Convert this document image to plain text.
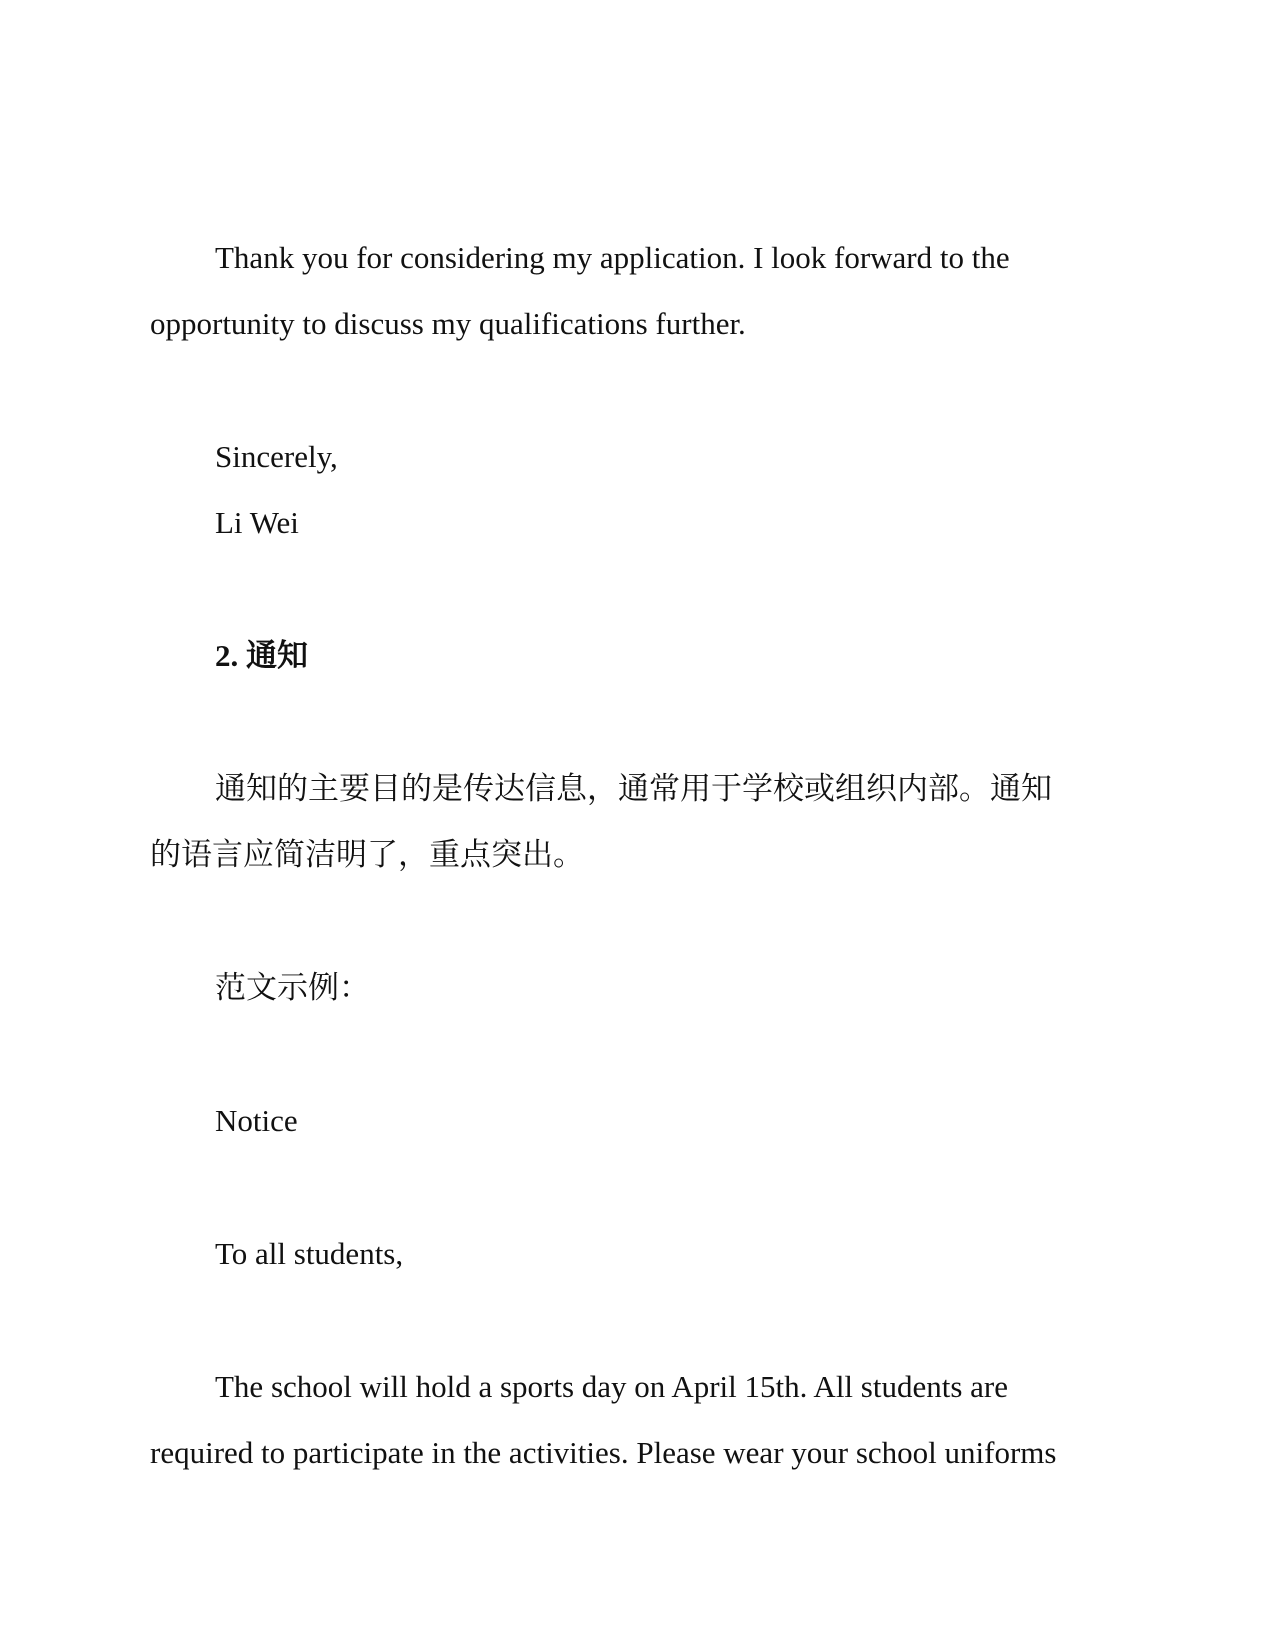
Thank you for considering my application. I look forward to the
opportunity to discuss my qualifications further.
Sincerely,
Li Wei
2. 通知
通知的主要目的是传达信息，通常用于学校或组织内部。通知
的语言应简洁明了，重点突出。
范文示例：
Notice
To all students,
The school will hold a sports day on April 15th. All students are
required to participate in the activities. Please wear your school uniforms
